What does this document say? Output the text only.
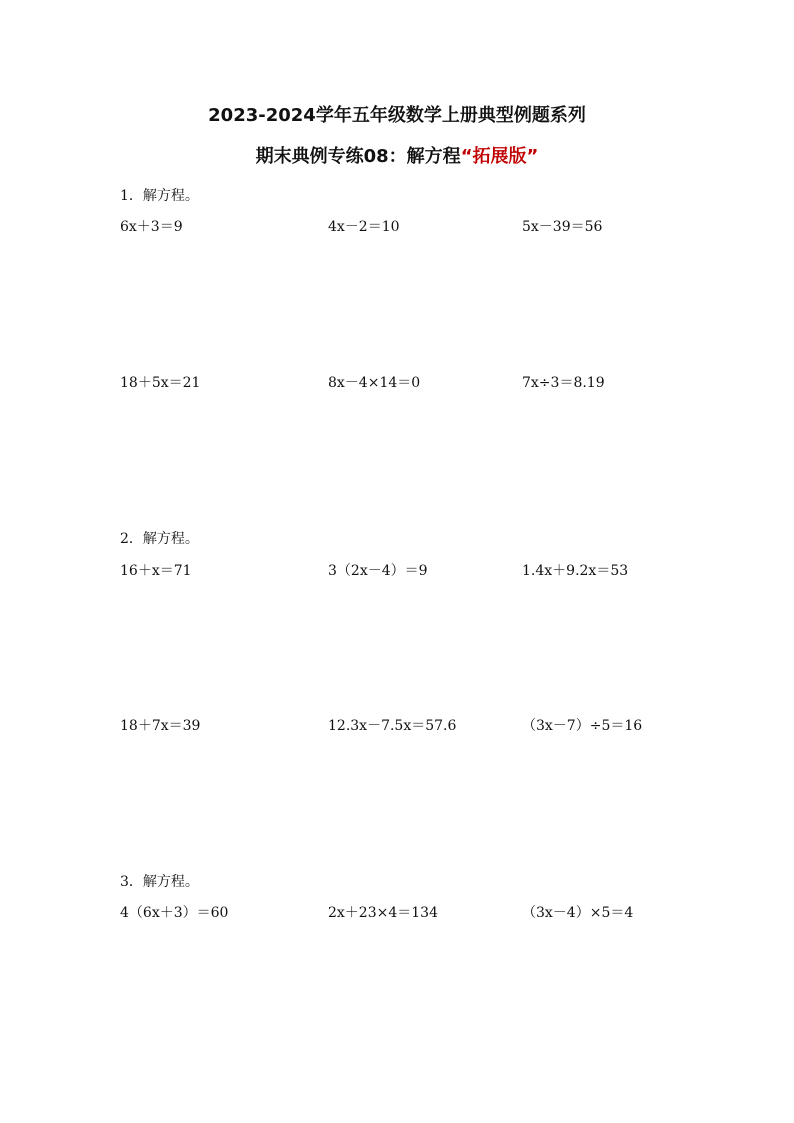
2023-2024学年五年级数学上册典型例题系列
期末典例专练08：解方程“拓展版”
1．解方程。
6x＋3＝9	4x－2＝10	5x－39＝56
18＋5x＝21	8x－4×14＝0	7x÷3＝8.19
2．解方程。
16＋x＝71	3（2x－4）＝9	1.4x＋9.2x＝53
18＋7x＝39	12.3x－7.5x＝57.6	（3x－7）÷5＝16
3．解方程。
4（6x＋3）＝60	2x＋23×4＝134	（3x－4）×5＝4
